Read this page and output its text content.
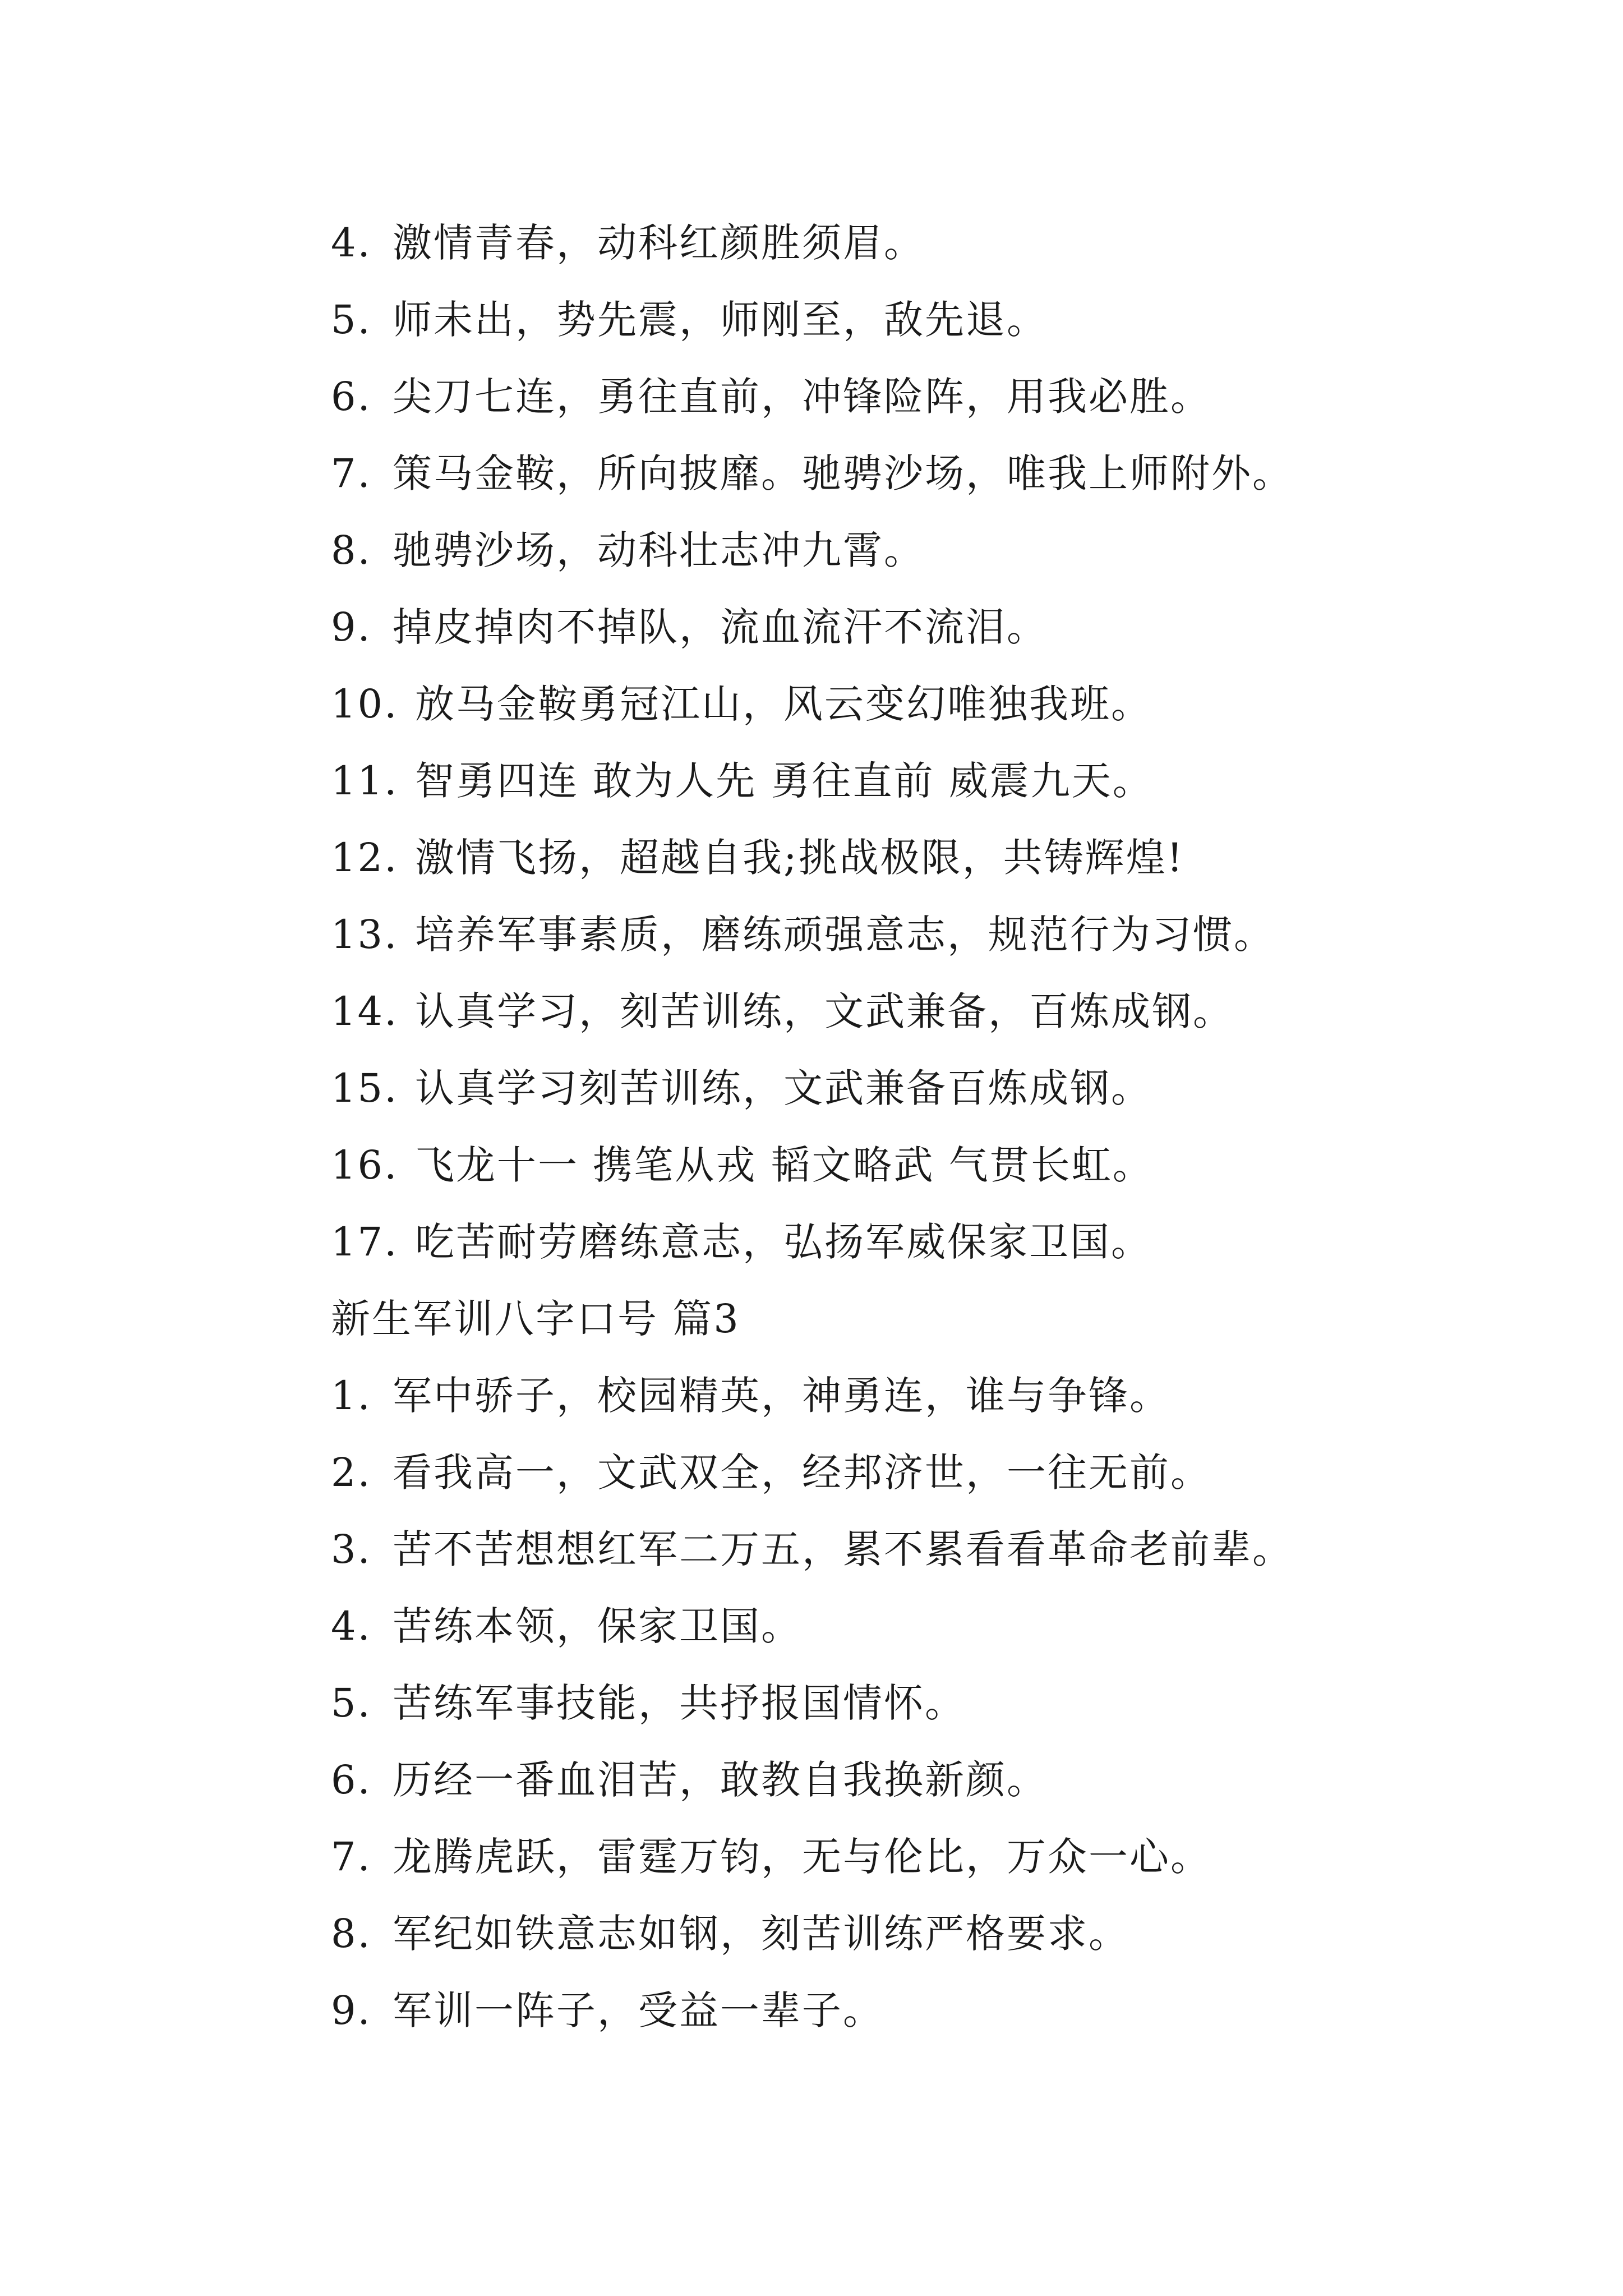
4. 激情青春，动科红颜胜须眉。
5. 师未出，势先震，师刚至，敌先退。
6. 尖刀七连，勇往直前，冲锋险阵，用我必胜。
7. 策马金鞍，所向披靡。驰骋沙场，唯我上师附外。
8. 驰骋沙场，动科壮志冲九霄。
9. 掉皮掉肉不掉队，流血流汗不流泪。
10. 放马金鞍勇冠江山，风云变幻唯独我班。
11. 智勇四连 敢为人先 勇往直前 威震九天。
12. 激情飞扬，超越自我;挑战极限，共铸辉煌!
13. 培养军事素质，磨练顽强意志，规范行为习惯。
14. 认真学习，刻苦训练，文武兼备，百炼成钢。
15. 认真学习刻苦训练，文武兼备百炼成钢。
16. 飞龙十一 携笔从戎 韬文略武 气贯长虹。
17. 吃苦耐劳磨练意志，弘扬军威保家卫国。
新生军训八字口号 篇3
1. 军中骄子，校园精英，神勇连，谁与争锋。
2. 看我高一，文武双全，经邦济世，一往无前。
3. 苦不苦想想红军二万五，累不累看看革命老前辈。
4. 苦练本领，保家卫国。
5. 苦练军事技能，共抒报国情怀。
6. 历经一番血泪苦，敢教自我换新颜。
7. 龙腾虎跃，雷霆万钧，无与伦比，万众一心。
8. 军纪如铁意志如钢，刻苦训练严格要求。
9. 军训一阵子，受益一辈子。
